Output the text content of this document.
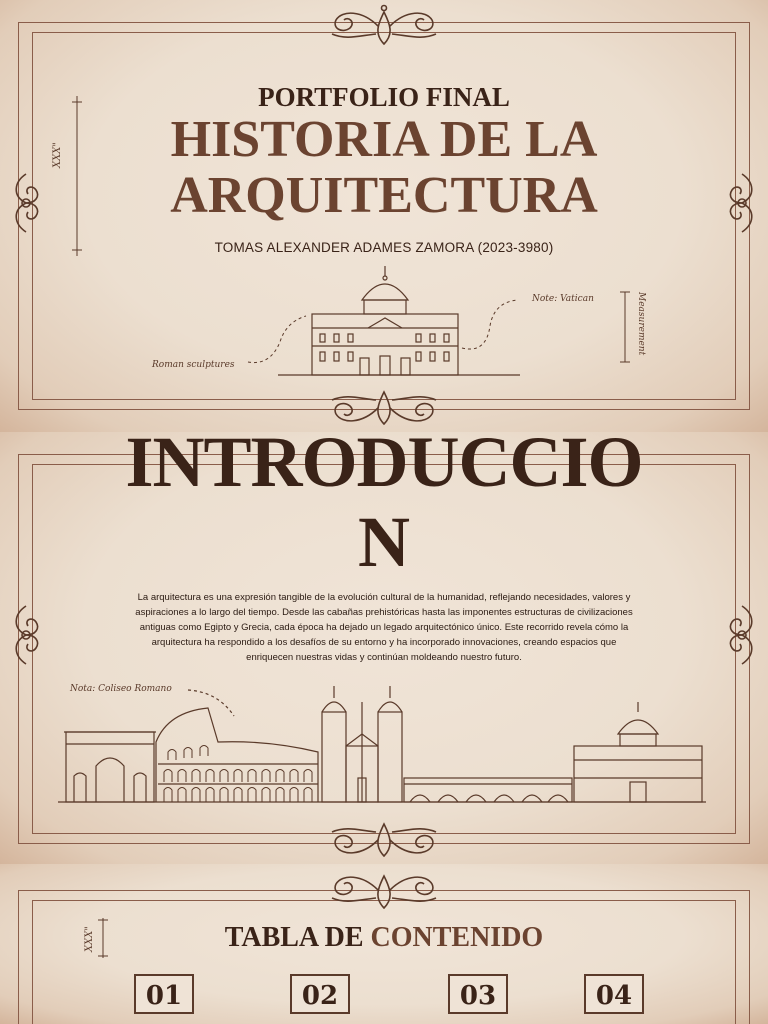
XXX"
PORTFOLIO FINAL
HISTORIA DE LA
ARQUITECTURA
TOMAS ALEXANDER ADAMES ZAMORA (2023-3980)
Note: Vatican
Roman sculptures
Measurement
INTRODUCCIO
N
La arquitectura es una expresión tangible de la evolución cultural de la humanidad, reflejando necesidades, valores y
aspiraciones a lo largo del tiempo. Desde las cabañas prehistóricas hasta las imponentes estructuras de civilizaciones
antiguas como Egipto y Grecia, cada época ha dejado un legado arquitectónico único. Este recorrido revela cómo la
arquitectura ha respondido a los desafíos de su entorno y ha incorporado innovaciones, creando espacios que
enriquecen nuestras vidas y continúan moldeando nuestro futuro.
Nota: Coliseo Romano
XXX"	TABLA DE CONTENIDO
01	02	03	04
